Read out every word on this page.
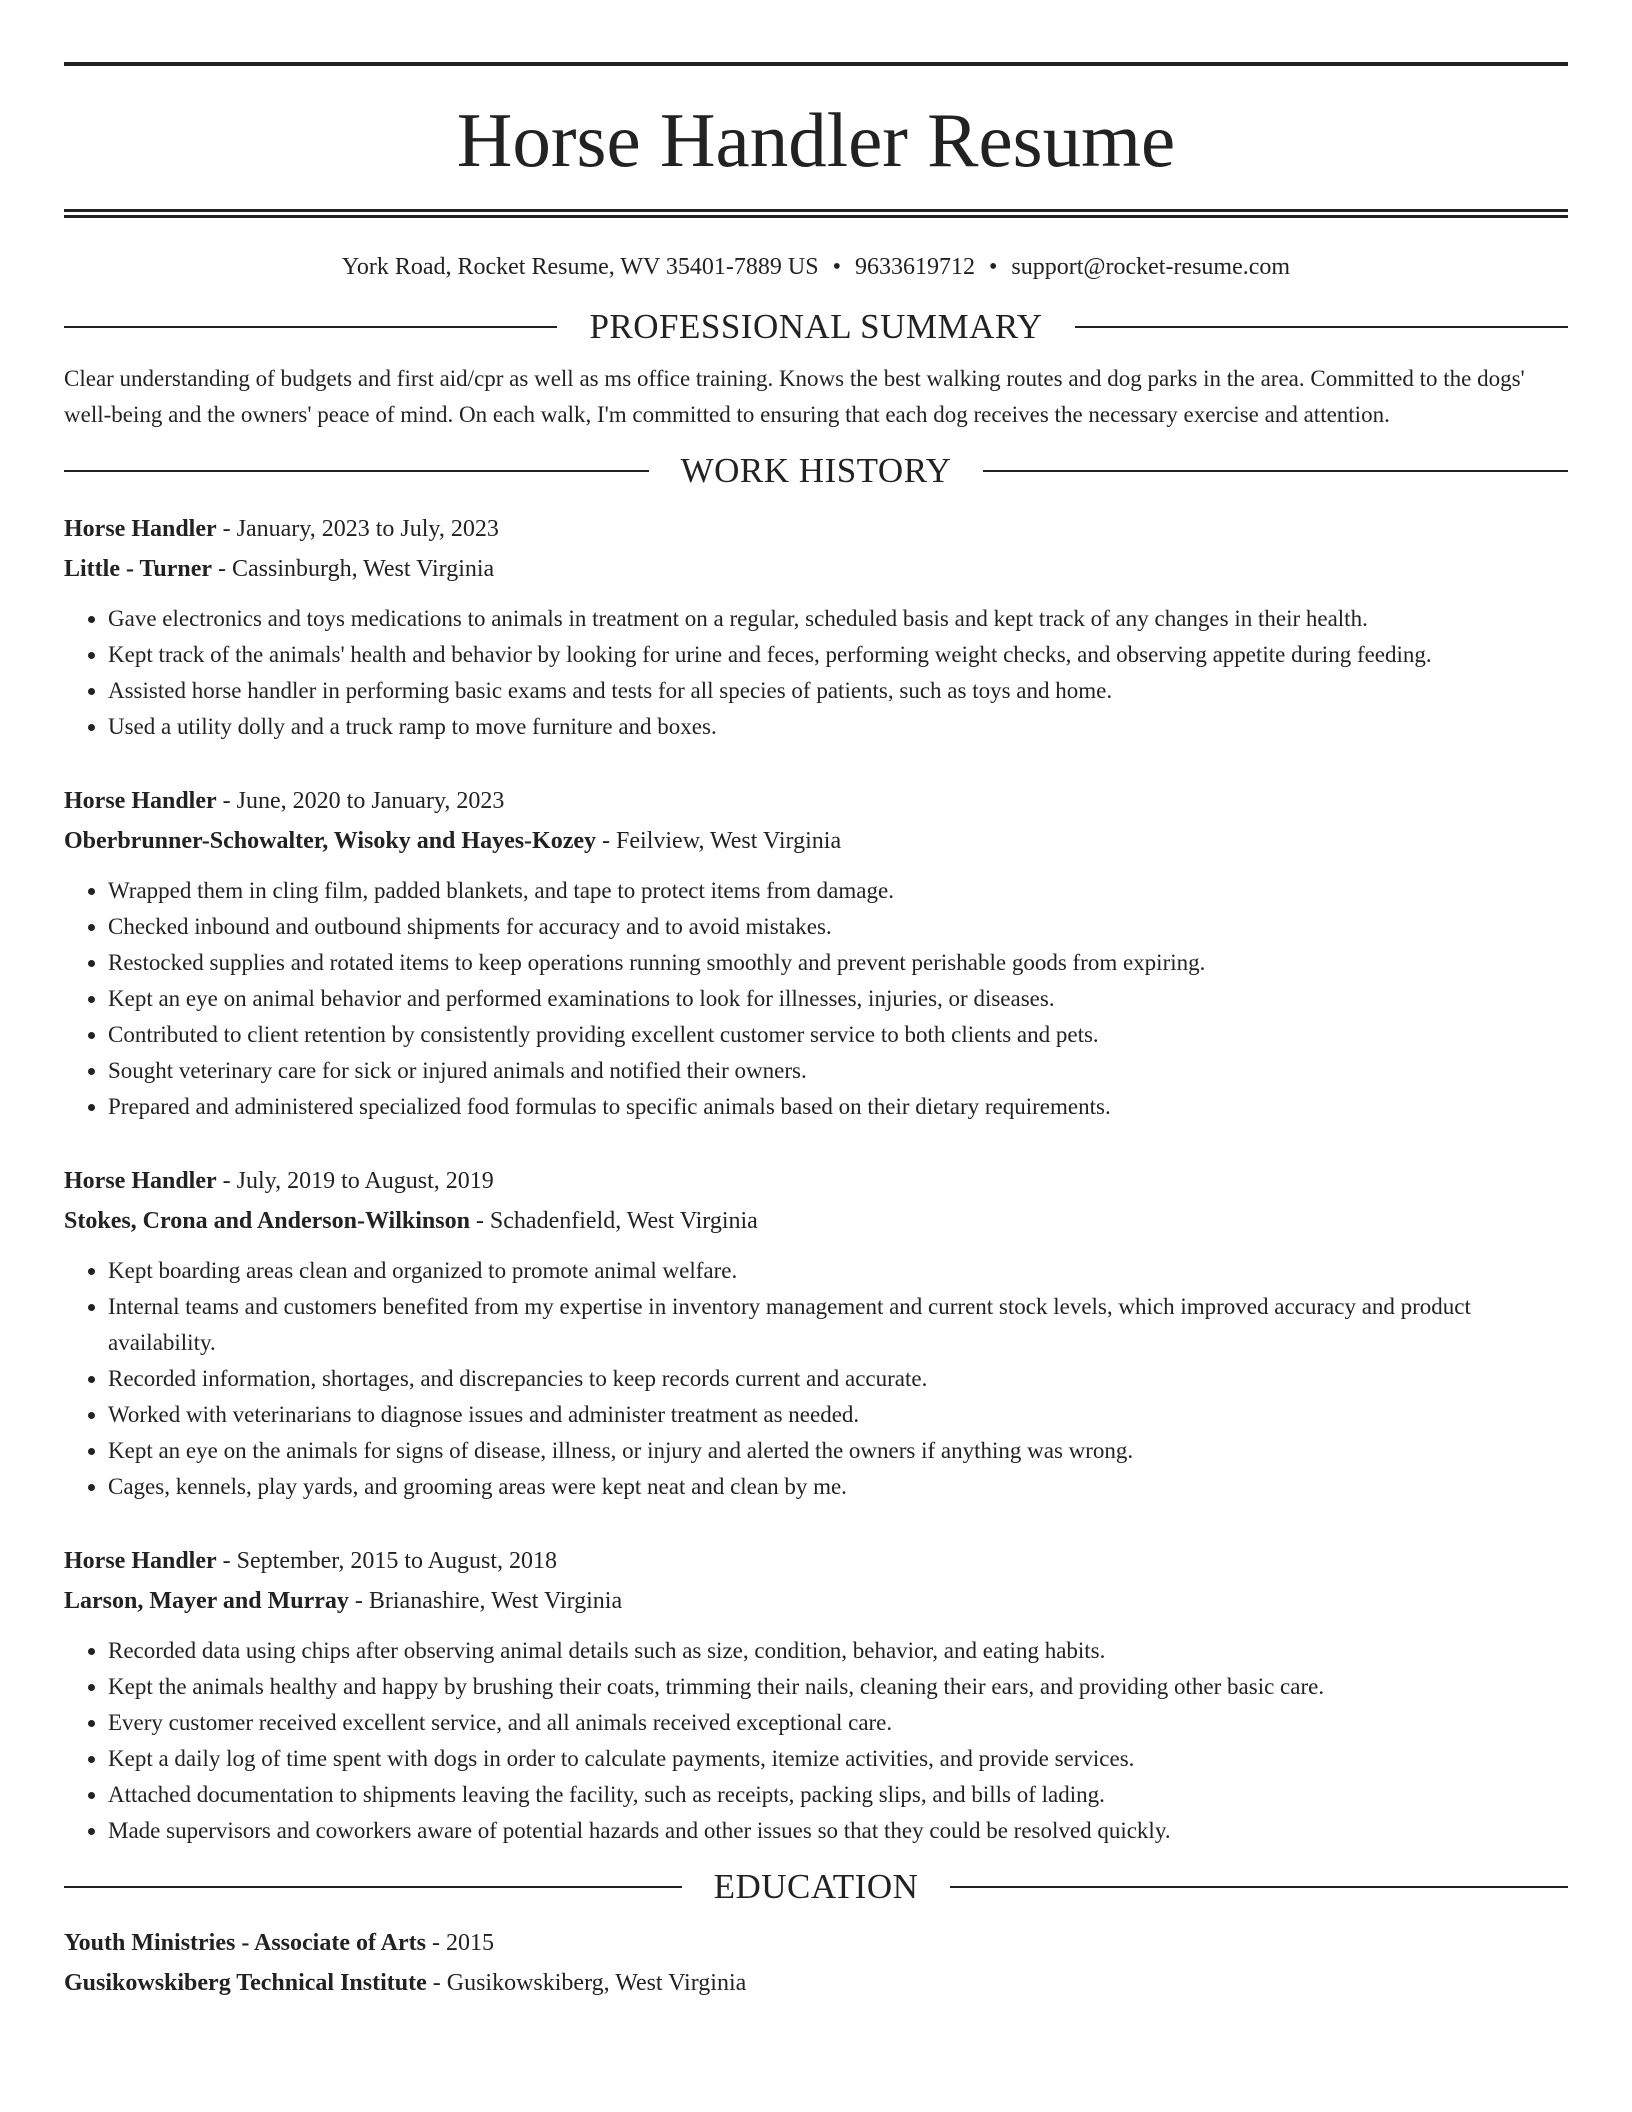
Horse Handler Resume
York Road, Rocket Resume, WV 35401-7889 US • 9633619712 • support@rocket-resume.com
PROFESSIONAL SUMMARY

Clear understanding of budgets and first aid/cpr as well as ms office training. Knows the best walking routes and dog parks in the area. Committed to the dogs' well-being and the owners' peace of mind. On each walk, I'm committed to ensuring that each dog receives the necessary exercise and attention.

WORK HISTORY
Horse Handler - January, 2023 to July, 2023
Little - Turner - Cassinburgh, West Virginia
• Gave electronics and toys medications to animals in treatment on a regular, scheduled basis and kept track of any changes in their health.
• Kept track of the animals' health and behavior by looking for urine and feces, performing weight checks, and observing appetite during feeding.
• Assisted horse handler in performing basic exams and tests for all species of patients, such as toys and home.
• Used a utility dolly and a truck ramp to move furniture and boxes.
Horse Handler - June, 2020 to January, 2023
Oberbrunner-Schowalter, Wisoky and Hayes-Kozey - Feilview, West Virginia
• Wrapped them in cling film, padded blankets, and tape to protect items from damage.
• Checked inbound and outbound shipments for accuracy and to avoid mistakes.
• Restocked supplies and rotated items to keep operations running smoothly and prevent perishable goods from expiring.
• Kept an eye on animal behavior and performed examinations to look for illnesses, injuries, or diseases.
• Contributed to client retention by consistently providing excellent customer service to both clients and pets.
• Sought veterinary care for sick or injured animals and notified their owners.
• Prepared and administered specialized food formulas to specific animals based on their dietary requirements.
Horse Handler - July, 2019 to August, 2019
Stokes, Crona and Anderson-Wilkinson - Schadenfield, West Virginia
• Kept boarding areas clean and organized to promote animal welfare.
• Internal teams and customers benefited from my expertise in inventory management and current stock levels, which improved accuracy and product availability.
• Recorded information, shortages, and discrepancies to keep records current and accurate.
• Worked with veterinarians to diagnose issues and administer treatment as needed.
• Kept an eye on the animals for signs of disease, illness, or injury and alerted the owners if anything was wrong.
• Cages, kennels, play yards, and grooming areas were kept neat and clean by me.
Horse Handler - September, 2015 to August, 2018
Larson, Mayer and Murray - Brianashire, West Virginia
• Recorded data using chips after observing animal details such as size, condition, behavior, and eating habits.
• Kept the animals healthy and happy by brushing their coats, trimming their nails, cleaning their ears, and providing other basic care.
• Every customer received excellent service, and all animals received exceptional care.
• Kept a daily log of time spent with dogs in order to calculate payments, itemize activities, and provide services.
• Attached documentation to shipments leaving the facility, such as receipts, packing slips, and bills of lading.
• Made supervisors and coworkers aware of potential hazards and other issues so that they could be resolved quickly.
EDUCATION
Youth Ministries - Associate of Arts - 2015
Gusikowskiberg Technical Institute - Gusikowskiberg, West Virginia
